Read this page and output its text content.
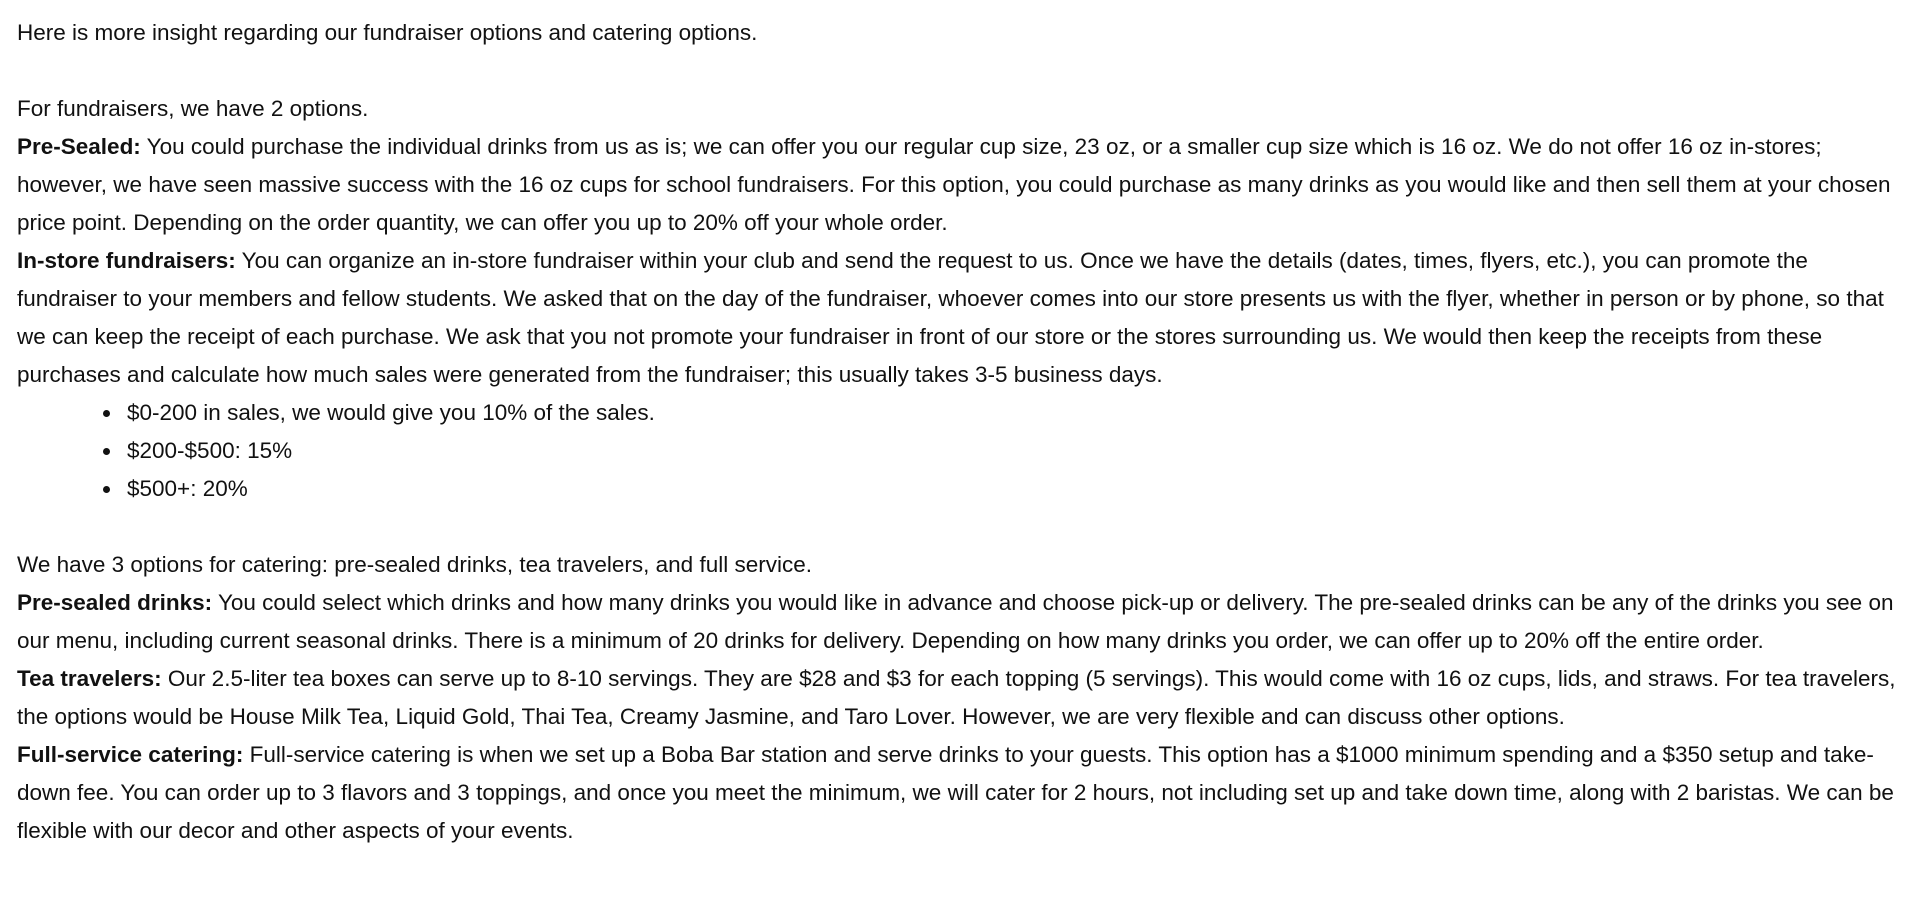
Here is more insight regarding our fundraiser options and catering options.

For fundraisers, we have 2 options.

Pre-Sealed: You could purchase the individual drinks from us as is; we can offer you our regular cup size, 23 oz, or a smaller cup size which is 16 oz. We do not offer 16 oz in-stores; however, we have seen massive success with the 16 oz cups for school fundraisers. For this option, you could purchase as many drinks as you would like and then sell them at your chosen price point. Depending on the order quantity, we can offer you up to 20% off your whole order.

In-store fundraisers: You can organize an in-store fundraiser within your club and send the request to us. Once we have the details (dates, times, flyers, etc.), you can promote the fundraiser to your members and fellow students. We asked that on the day of the fundraiser, whoever comes into our store presents us with the flyer, whether in person or by phone, so that we can keep the receipt of each purchase. We ask that you not promote your fundraiser in front of our store or the stores surrounding us. We would then keep the receipts from these purchases and calculate how much sales were generated from the fundraiser; this usually takes 3-5 business days.

• $0-200 in sales, we would give you 10% of the sales.
• $200-$500: 15%
• $500+: 20%

We have 3 options for catering: pre-sealed drinks, tea travelers, and full service.

Pre-sealed drinks: You could select which drinks and how many drinks you would like in advance and choose pick-up or delivery. The pre-sealed drinks can be any of the drinks you see on our menu, including current seasonal drinks. There is a minimum of 20 drinks for delivery. Depending on how many drinks you order, we can offer up to 20% off the entire order.

Tea travelers: Our 2.5-liter tea boxes can serve up to 8-10 servings. They are $28 and $3 for each topping (5 servings). This would come with 16 oz cups, lids, and straws. For tea travelers, the options would be House Milk Tea, Liquid Gold, Thai Tea, Creamy Jasmine, and Taro Lover. However, we are very flexible and can discuss other options.

Full-service catering: Full-service catering is when we set up a Boba Bar station and serve drinks to your guests. This option has a $1000 minimum spending and a $350 setup and take-down fee. You can order up to 3 flavors and 3 toppings, and once you meet the minimum, we will cater for 2 hours, not including set up and take down time, along with 2 baristas. We can be flexible with our decor and other aspects of your events.
